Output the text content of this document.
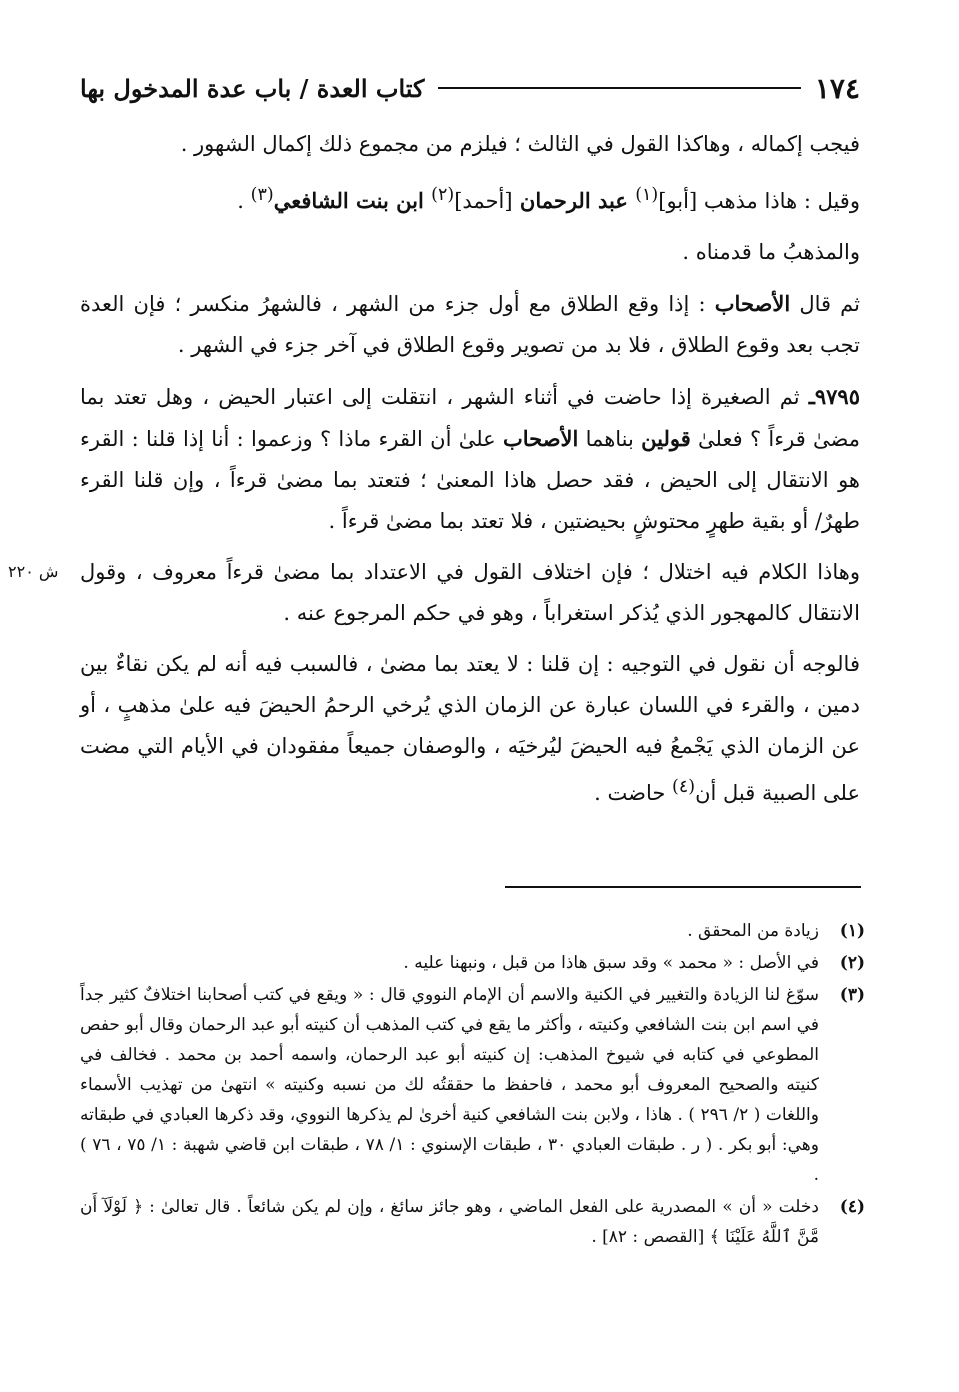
١٧٤
كتاب العدة / باب عدة المدخول بها

فيجب إكماله ، وهاكذا القول في الثالث ؛ فيلزم من مجموع ذلك إكمال الشهور .

وقيل : هاذا مذهب [أبو]$^{(١)}$ عبد الرحمان [أحمد]$^{(٢)}$ ابن بنت الشافعي$^{(٣)}$ .

والمذهبُ ما قدمناه .

ثم قال الأصحاب : إذا وقع الطلاق مع أول جزء من الشهر ، فالشهرُ منكسر ؛ فإن العدة تجب بعد وقوع الطلاق ، فلا بد من تصوير وقوع الطلاق في آخر جزء في الشهر .

٩٧٩٥ـ ثم الصغيرة إذا حاضت في أثناء الشهر ، انتقلت إلى اعتبار الحيض ، وهل تعتد بما مضىٰ قرءاً ؟ فعلىٰ قولين بناهما الأصحاب علىٰ أن القرء ماذا ؟ وزعموا : أنا إذا قلنا : القرء هو الانتقال إلى الحيض ، فقد حصل هاذا المعنىٰ ؛ فتعتد بما مضىٰ قرءاً ، وإن قلنا القرء طهرٌ/ أو بقية طهرٍ محتوشٍ بحيضتين ، فلا تعتد بما مضىٰ قرءاً .

وهاذا الكلام فيه اختلال ؛ فإن اختلاف القول في الاعتداد بما مضىٰ قرءاً معروف ، وقول الانتقال كالمهجور الذي يُذكر استغراباً ، وهو في حكم المرجوع عنه .

فالوجه أن نقول في التوجيه : إن قلنا : لا يعتد بما مضىٰ ، فالسبب فيه أنه لم يكن نقاءٌ بين دمين ، والقرء في اللسان عبارة عن الزمان الذي يُرخي الرحمُ الحيضَ فيه علىٰ مذهبٍ ، أو عن الزمان الذي يَجْمعُ فيه الحيضَ ليُرخيَه ، والوصفان جميعاً مفقودان في الأيام التي مضت على الصبية قبل أن$^{(٤)}$ حاضت .

ش ٢٢٠
(١)
زيادة من المحقق .
(٢)
في الأصل : « محمد » وقد سبق هاذا من قبل ، ونبهنا عليه .
(٣)
سوّغ لنا الزيادة والتغيير في الكنية والاسم أن الإمام النووي قال : « ويقع في كتب أصحابنا اختلافٌ كثير جداً في اسم ابن بنت الشافعي وكنيته ، وأكثر ما يقع في كتب المذهب أن كنيته أبو عبد الرحمان وقال أبو حفص المطوعي في كتابه في شيوخ المذهب: إن كنيته أبو عبد الرحمان، واسمه أحمد بن محمد . فخالف في كنيته والصحيح المعروف أبو محمد ، فاحفظ ما حققتُه لك من نسبه وكنيته » انتهىٰ من تهذيب الأسماء واللغات ( ٢/ ٢٩٦ ) . هاذا ، ولابن بنت الشافعي كنية أخرىٰ لم يذكرها النووي، وقد ذكرها العبادي في طبقاته وهي: أبو بكر . ( ر . طبقات العبادي ٣٠ ، طبقات الإسنوي : ١/ ٧٨ ، طبقات ابن قاضي شهبة : ١/ ٧٥ ، ٧٦ ) .
(٤)
دخلت « أن » المصدرية على الفعل الماضي ، وهو جائز سائغ ، وإن لم يكن شائعاً . قال تعالىٰ : ﴿ لَوْلَآ أَن مَّنَّ ٱللَّهُ عَلَيْنَا ﴾ [القصص : ٨٢] .
